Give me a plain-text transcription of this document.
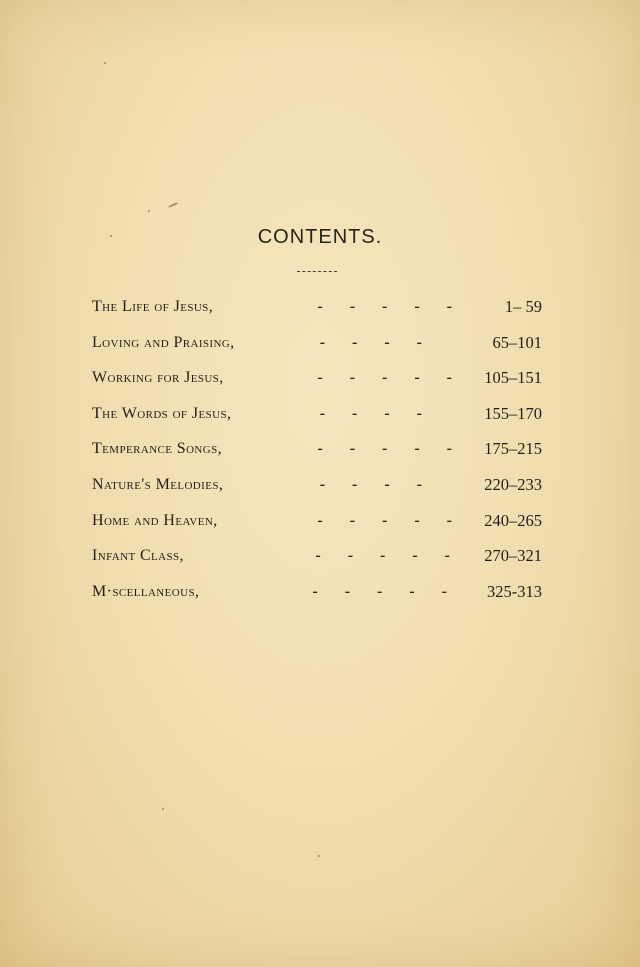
CONTENTS.
The Life of Jesus,	- - - - -	1– 59
Loving and Praising,	- - - -	65–101
Working for Jesus,	- - - - - 105–151
The Words of Jesus,	- - - -	155–170
Temperance Songs,	- - - - - 175–215
Nature's Melodies,	- - - -	220–233
Home and Heaven,	- - - - - 240–265
Infant Class,	- - - - - 270–321
M·scellaneous,	- - - - - 325-313
